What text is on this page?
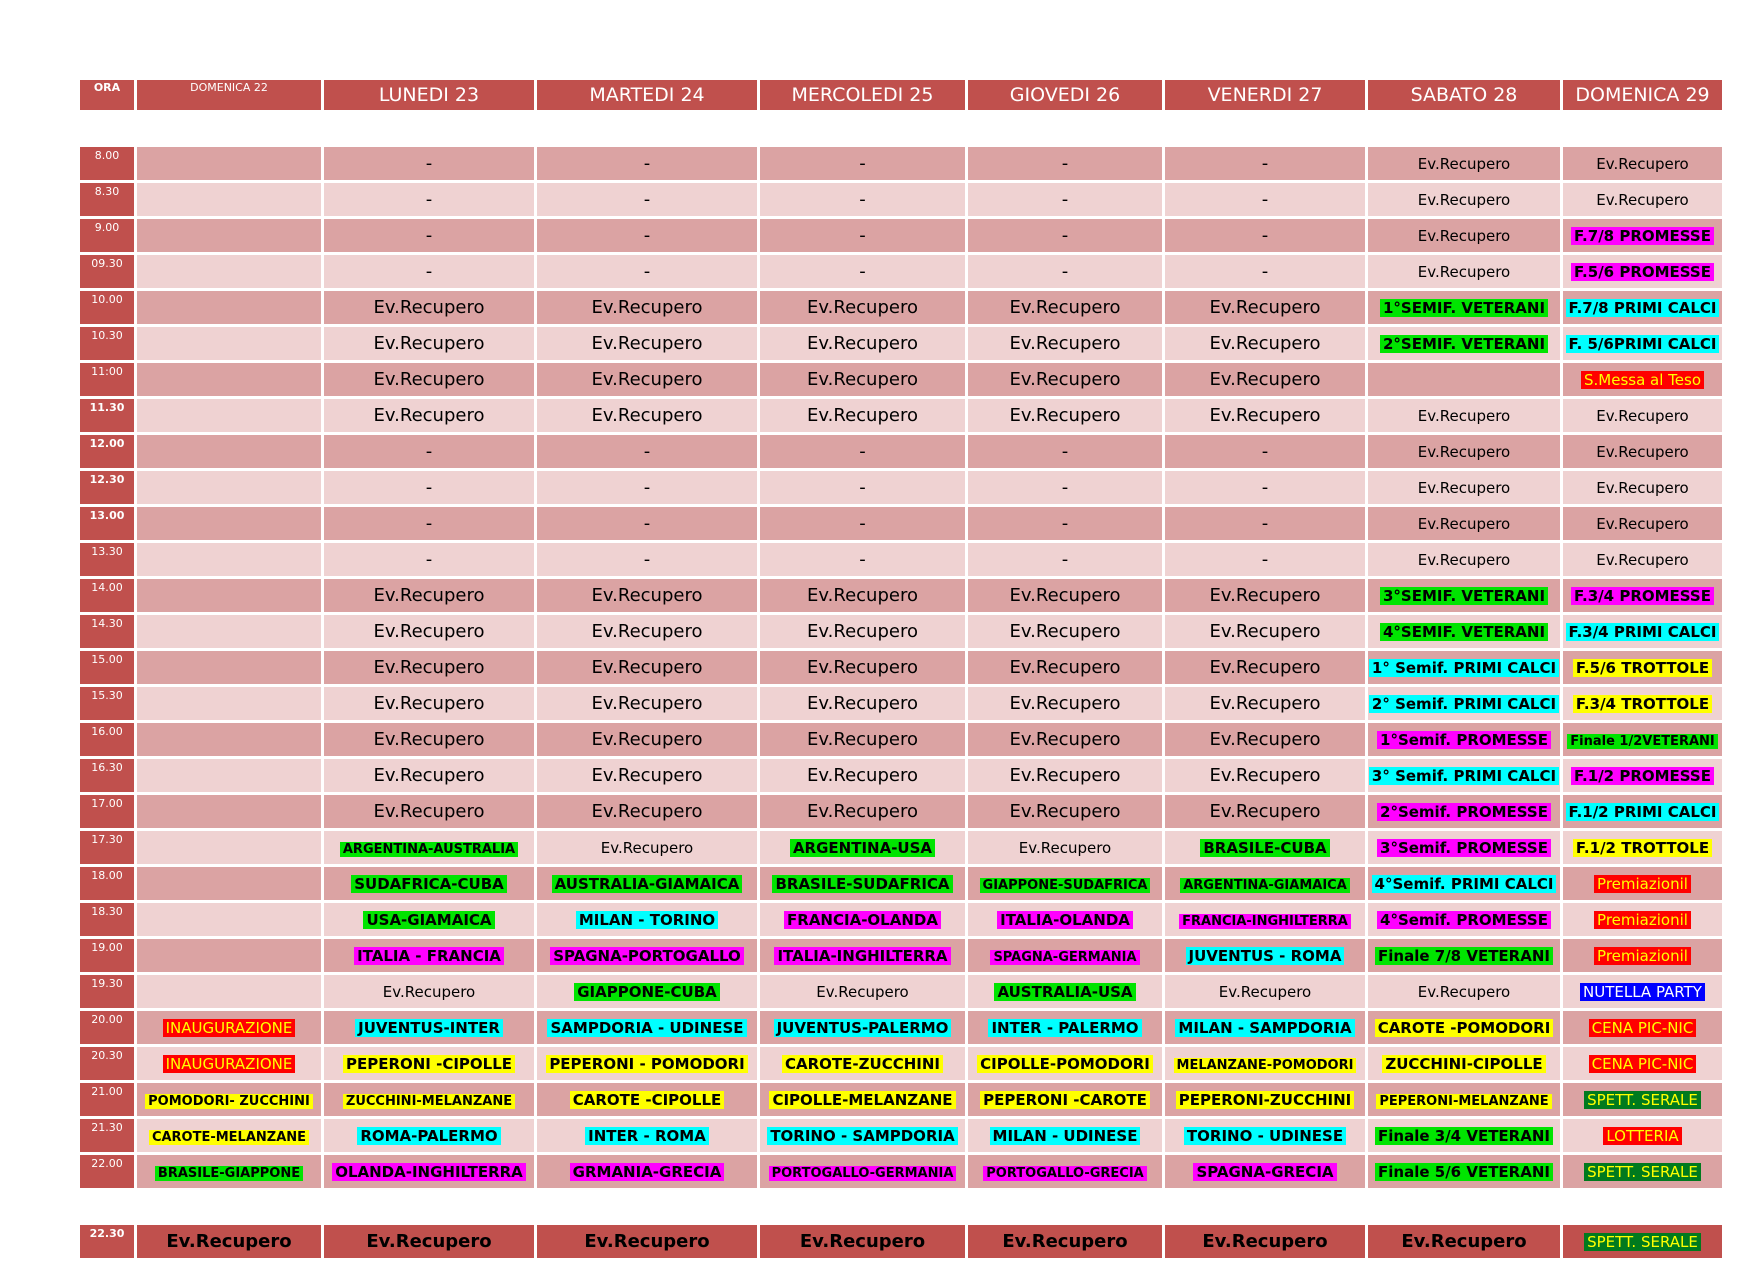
ORA	DOMENICA 22	LUNEDI 23	MARTEDI 24	MERCOLEDI 25	GIOVEDI 26	VENERDI 27	SABATO 28	DOMENICA 29

8.00		-	-	-	-	-	Ev.Recupero	Ev.Recupero
8.30		-	-	-	-	-	Ev.Recupero	Ev.Recupero
9.00		-	-	-	-	-	Ev.Recupero	F.7/8 PROMESSE
09.30		-	-	-	-	-	Ev.Recupero	F.5/6 PROMESSE
10.00		Ev.Recupero	Ev.Recupero	Ev.Recupero	Ev.Recupero	Ev.Recupero	1°SEMIF. VETERANI	F.7/8 PRIMI CALCI
10.30		Ev.Recupero	Ev.Recupero	Ev.Recupero	Ev.Recupero	Ev.Recupero	2°SEMIF. VETERANI	F. 5/6PRIMI CALCI
11:00		Ev.Recupero	Ev.Recupero	Ev.Recupero	Ev.Recupero	Ev.Recupero		S.Messa al Teso
11.30		Ev.Recupero	Ev.Recupero	Ev.Recupero	Ev.Recupero	Ev.Recupero	Ev.Recupero	Ev.Recupero
12.00		-	-	-	-	-	Ev.Recupero	Ev.Recupero
12.30		-	-	-	-	-	Ev.Recupero	Ev.Recupero
13.00		-	-	-	-	-	Ev.Recupero	Ev.Recupero
13.30		-	-	-	-	-	Ev.Recupero	Ev.Recupero
14.00		Ev.Recupero	Ev.Recupero	Ev.Recupero	Ev.Recupero	Ev.Recupero	3°SEMIF. VETERANI	F.3/4 PROMESSE
14.30		Ev.Recupero	Ev.Recupero	Ev.Recupero	Ev.Recupero	Ev.Recupero	4°SEMIF. VETERANI	F.3/4 PRIMI CALCI
15.00		Ev.Recupero	Ev.Recupero	Ev.Recupero	Ev.Recupero	Ev.Recupero	1° Semif. PRIMI CALCI	F.5/6 TROTTOLE
15.30		Ev.Recupero	Ev.Recupero	Ev.Recupero	Ev.Recupero	Ev.Recupero	2° Semif. PRIMI CALCI	F.3/4 TROTTOLE
16.00		Ev.Recupero	Ev.Recupero	Ev.Recupero	Ev.Recupero	Ev.Recupero	1°Semif. PROMESSE	Finale 1/2VETERANI
16.30		Ev.Recupero	Ev.Recupero	Ev.Recupero	Ev.Recupero	Ev.Recupero	3° Semif. PRIMI CALCI	F.1/2 PROMESSE
17.00		Ev.Recupero	Ev.Recupero	Ev.Recupero	Ev.Recupero	Ev.Recupero	2°Semif. PROMESSE	F.1/2 PRIMI CALCI
17.30		ARGENTINA-AUSTRALIA	Ev.Recupero	ARGENTINA-USA	Ev.Recupero	BRASILE-CUBA	3°Semif. PROMESSE	F.1/2 TROTTOLE
18.00		SUDAFRICA-CUBA	AUSTRALIA-GIAMAICA	BRASILE-SUDAFRICA	GIAPPONE-SUDAFRICA	ARGENTINA-GIAMAICA	4°Semif. PRIMI CALCI	Premiazionil
18.30		USA-GIAMAICA	MILAN - TORINO	FRANCIA-OLANDA	ITALIA-OLANDA	FRANCIA-INGHILTERRA	4°Semif. PROMESSE	Premiazionil
19.00		ITALIA - FRANCIA	SPAGNA-PORTOGALLO	ITALIA-INGHILTERRA	SPAGNA-GERMANIA	JUVENTUS - ROMA	Finale 7/8 VETERANI	Premiazionil
19.30		Ev.Recupero	GIAPPONE-CUBA	Ev.Recupero	AUSTRALIA-USA	Ev.Recupero	Ev.Recupero	NUTELLA PARTY
20.00	INAUGURAZIONE	JUVENTUS-INTER	SAMPDORIA - UDINESE	JUVENTUS-PALERMO	INTER - PALERMO	MILAN - SAMPDORIA	CAROTE -POMODORI	CENA PIC-NIC
20.30	INAUGURAZIONE	PEPERONI -CIPOLLE	PEPERONI - POMODORI	CAROTE-ZUCCHINI	CIPOLLE-POMODORI	MELANZANE-POMODORI	ZUCCHINI-CIPOLLE	CENA PIC-NIC
21.00	POMODORI- ZUCCHINI	ZUCCHINI-MELANZANE	CAROTE -CIPOLLE	CIPOLLE-MELANZANE	PEPERONI -CAROTE	PEPERONI-ZUCCHINI	PEPERONI-MELANZANE	SPETT. SERALE
21.30	CAROTE-MELANZANE	ROMA-PALERMO	INTER - ROMA	TORINO - SAMPDORIA	MILAN - UDINESE	TORINO - UDINESE	Finale 3/4 VETERANI	LOTTERIA
22.00	BRASILE-GIAPPONE	OLANDA-INGHILTERRA	GRMANIA-GRECIA	PORTOGALLO-GERMANIA	PORTOGALLO-GRECIA	SPAGNA-GRECIA	Finale 5/6 VETERANI	SPETT. SERALE

22.30	Ev.Recupero	Ev.Recupero	Ev.Recupero	Ev.Recupero	Ev.Recupero	Ev.Recupero	Ev.Recupero	SPETT. SERALE
